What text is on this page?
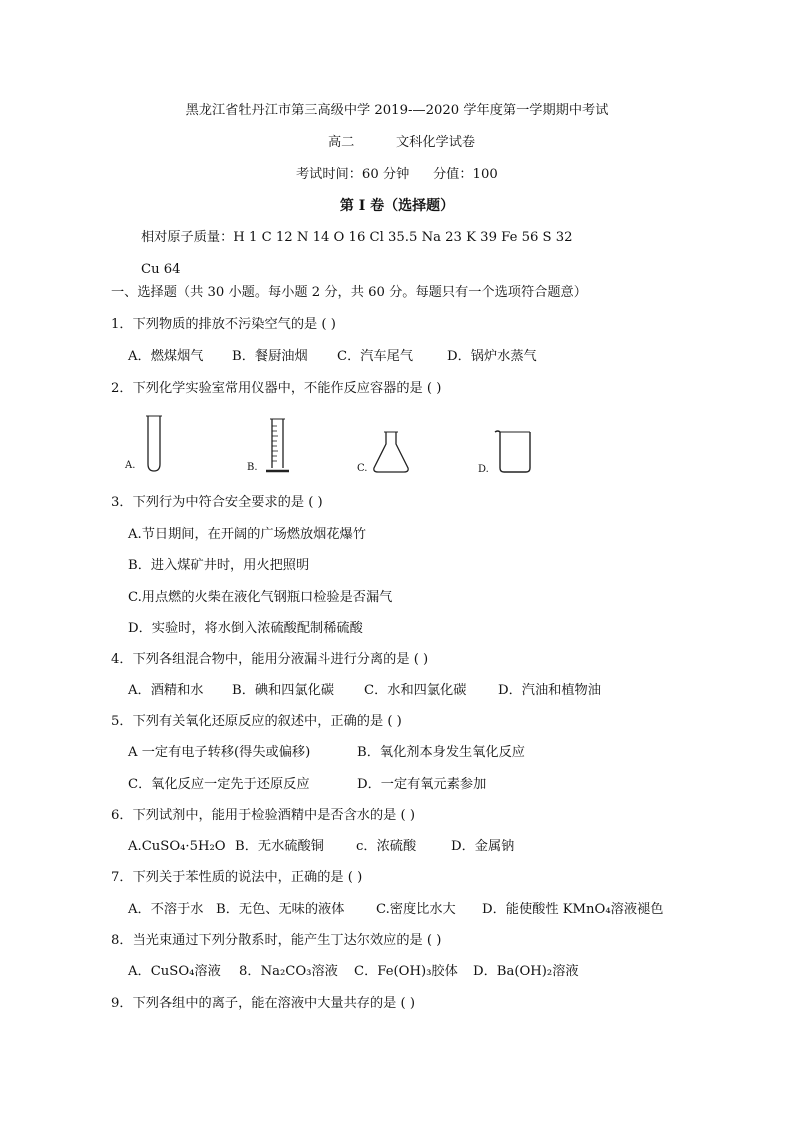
黑龙江省牡丹江市第三高级中学 2019-—2020 学年度第一学期期中考试
高二	文科化学试卷
考试时间：60 分钟 分值：100
第 I 卷（选择题）
相对原子质量：H 1 C 12 N 14 O 16 Cl 35.5 Na 23 K 39 Fe 56 S 32
Cu 64
一、选择题（共 30 小题。每小题 2 分，共 60 分。每题只有一个选项符合题意）
1．下列物质的排放不污染空气的是 ( )
A．燃煤烟气 B．餐厨油烟 C．汽车尾气	D．锅炉水蒸气
2．下列化学实验室常用仪器中，不能作反应容器的是 ( )
A.	B.	C.	D.
3．下列行为中符合安全要求的是 ( )
A.节日期间，在开阔的广场燃放烟花爆竹
B．进入煤矿井时，用火把照明
C.用点燃的火柴在液化气钢瓶口检验是否漏气
D．实验时，将水倒入浓硫酸配制稀硫酸
4．下列各组混合物中，能用分液漏斗进行分离的是 ( )
A．酒精和水 B．碘和四氯化碳 C．水和四氯化碳 D．汽油和植物油
5．下列有关氧化还原反应的叙述中，正确的是 ( )
A 一定有电子转移(得失或偏移)	B．氧化剂本身发生氧化反应
C．氧化反应一定先于还原反应	D．一定有氧元素参加
6．下列试剂中，能用于检验酒精中是否含水的是 ( )
A.CuSO₄·5H₂O B．无水硫酸铜 c．浓硫酸	D．金属钠
7．下列关于苯性质的说法中，正确的是 ( )
A．不溶于水 B．无色、无味的液体 C.密度比水大 D．能使酸性 KMnO₄溶液褪色
8．当光束通过下列分散系时，能产生丁达尔效应的是 ( )
A．CuSO₄溶液 8．Na₂CO₃溶液 C．Fe(OH)₃胶体 D．Ba(OH)₂溶液
9．下列各组中的离子，能在溶液中大量共存的是 ( )
